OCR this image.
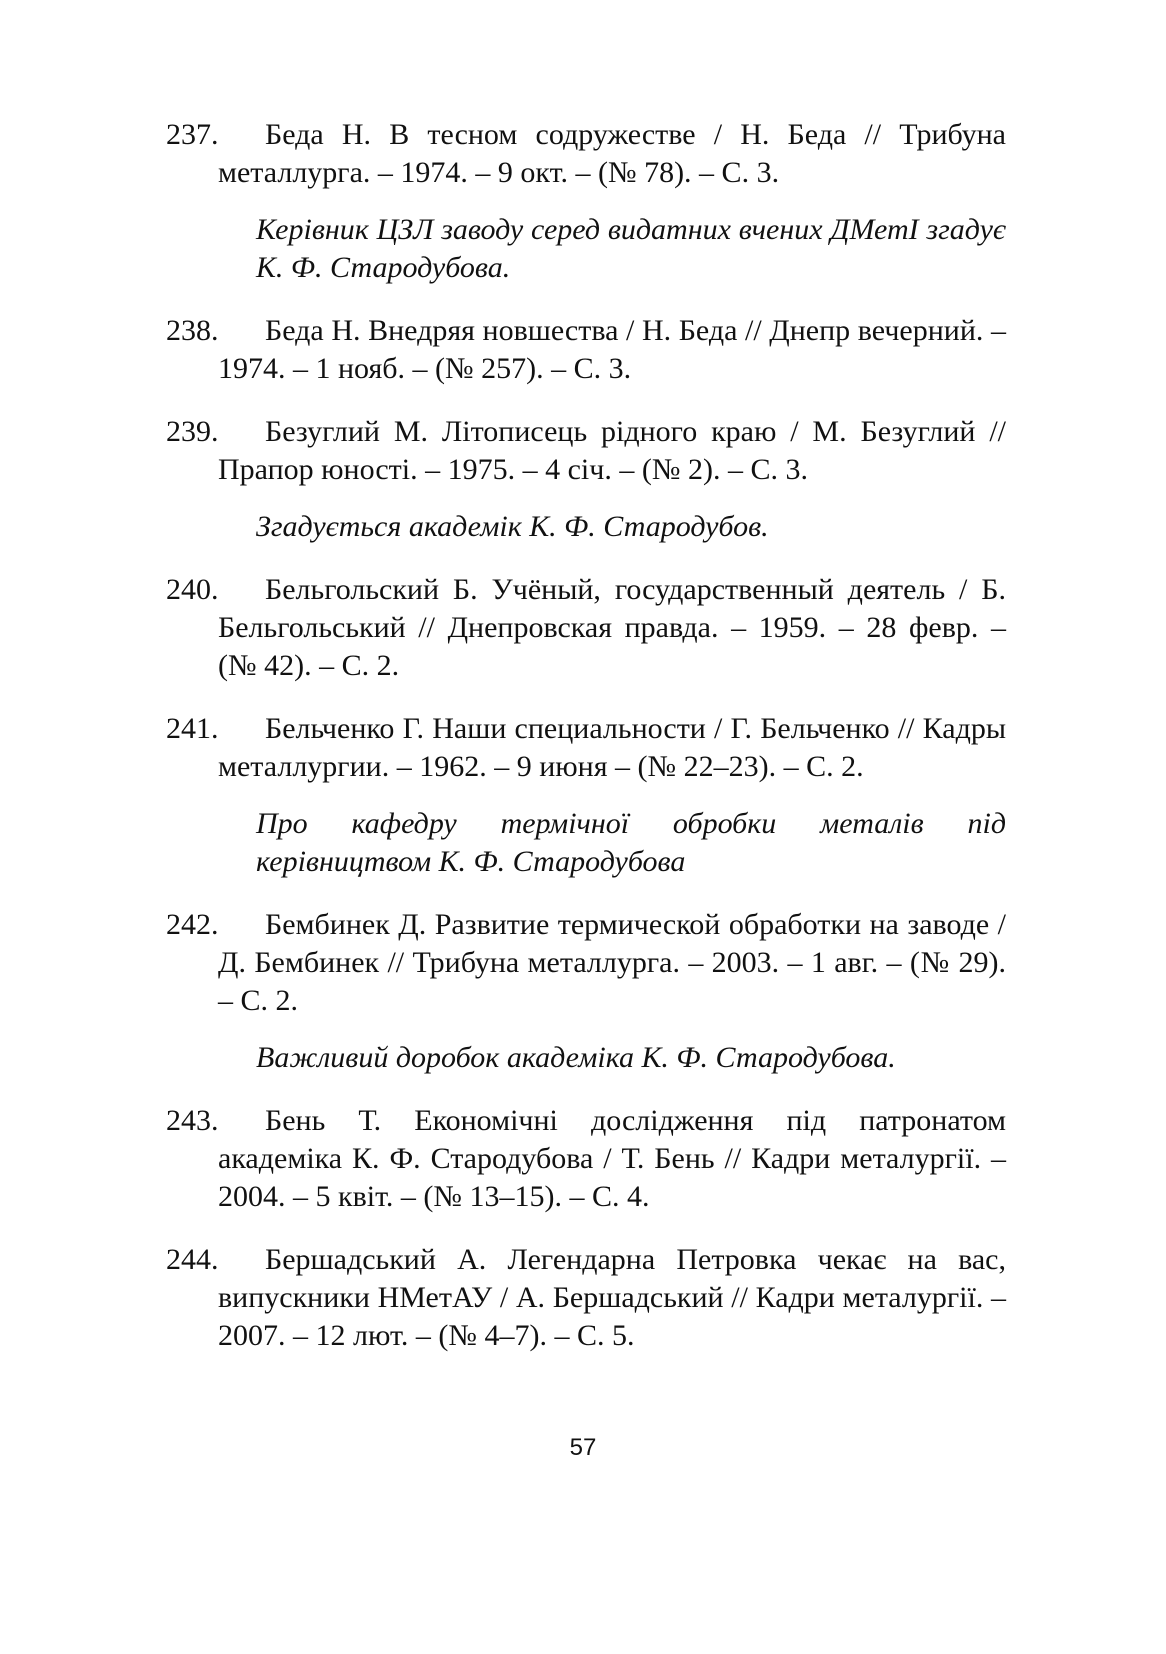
237.	Беда Н. В тесном содружестве / Н. Беда // Трибуна металлурга. – 1974. – 9 окт. – (№ 78). – С. 3.
Керівник ЦЗЛ заводу серед видатних вчених ДМетІ згадує К. Ф. Стародубова.
238.	Беда Н. Внедряя новшества / Н. Беда // Днепр вечерний. – 1974. – 1 нояб. – (№ 257). – С. 3.
239.	Безуглий М. Літописець рідного краю / М. Безуглий // Прапор юності. – 1975. – 4 січ. – (№ 2). – С. 3.
Згадується академік К. Ф. Стародубов.
240.	Бельгольский Б. Учёный, государственный деятель / Б. Бельгольський // Днепровская правда. – 1959. – 28 февр. – (№ 42). – С. 2.
241.	Бельченко Г. Наши специальности / Г. Бельченко // Кадры металлургии. – 1962. – 9 июня – (№ 22–23). – С. 2.
Про кафедру термічної обробки металів під керівництвом К. Ф. Стародубова
242.	Бембинек Д. Развитие термической обработки на заводе / Д. Бембинек // Трибуна металлурга. – 2003. – 1 авг. – (№ 29). – С. 2.
Важливий доробок академіка К. Ф. Стародубова.
243.	Бень Т. Економічні дослідження під патронатом академіка К. Ф. Стародубова / Т. Бень // Кадри металургії. – 2004. – 5 квіт. – (№ 13–15). – С. 4.
244.	Бершадський А. Легендарна Петровка чекає на вас, випускники НМетАУ / А. Бершадський // Кадри металургії. – 2007. – 12 лют. – (№ 4–7). – С. 5.
57
